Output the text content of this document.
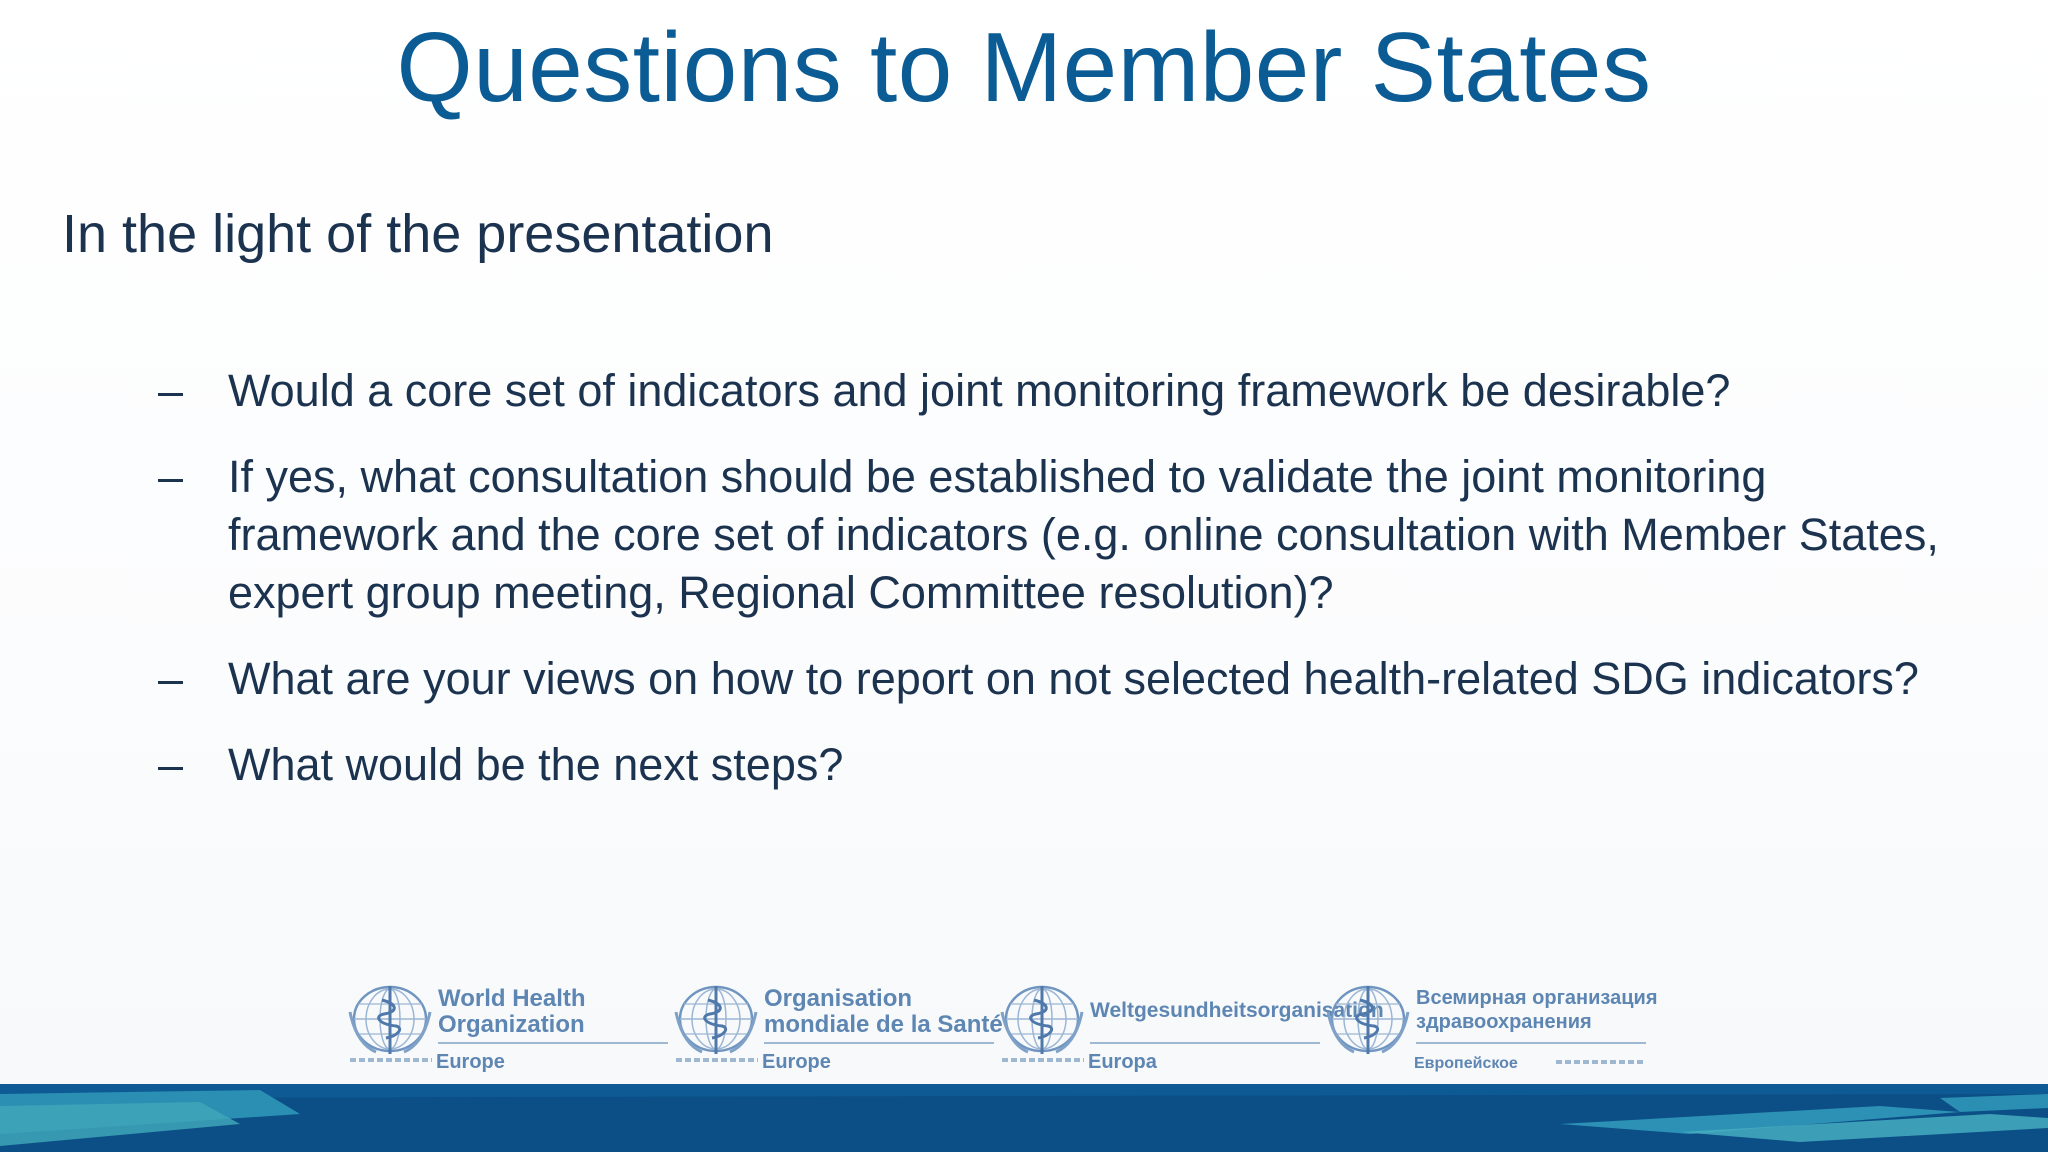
Questions to Member States
In the light of the presentation
– Would a core set of indicators and joint monitoring framework be desirable?
– If yes, what consultation should be established to validate the joint monitoring framework and the core set of indicators (e.g. online consultation with Member States, expert group meeting, Regional Committee resolution)?
– What are your views on how to report on not selected health-related SDG indicators?
– What would be the next steps?
World Health
Organization
Europe
Organisation
mondiale de la Santé
Europe
Weltgesundheitsorganisation
Europa
Всемирная организация
здравоохранения
Европейское
